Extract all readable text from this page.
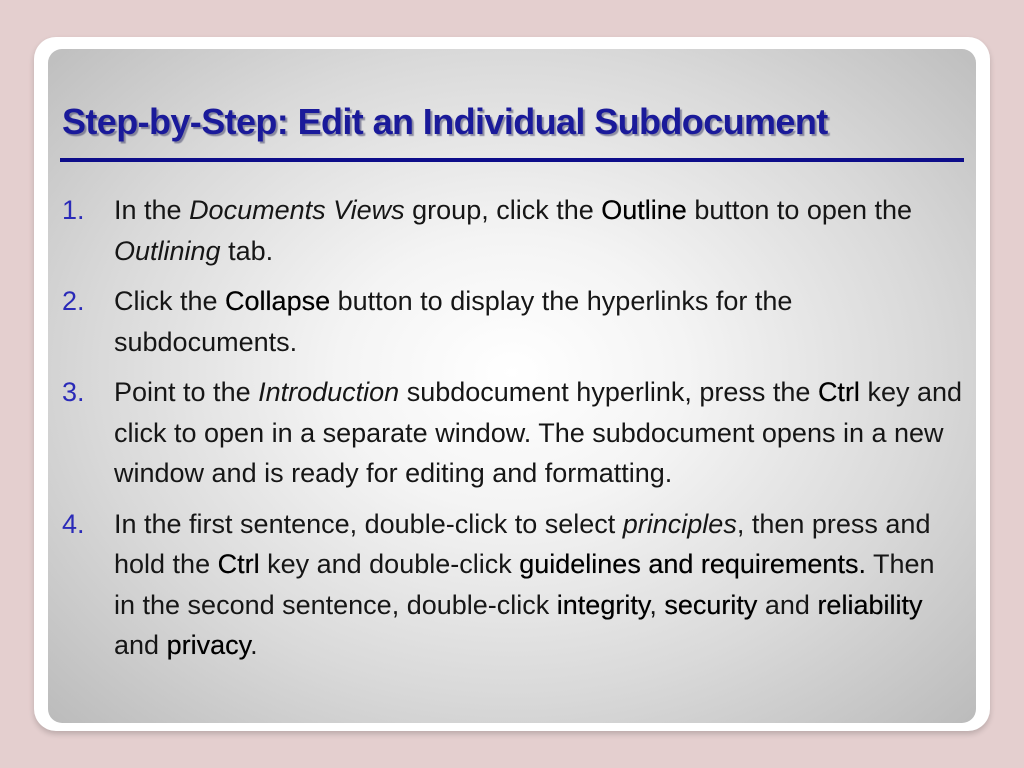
Step-by-Step: Edit an Individual Subdocument
1. In the Documents Views group, click the Outline button to open the Outlining tab.
2. Click the Collapse button to display the hyperlinks for the subdocuments.
3. Point to the Introduction subdocument hyperlink, press the Ctrl key and click to open in a separate window. The subdocument opens in a new window and is ready for editing and formatting.
4. In the first sentence, double-click to select principles, then press and hold the Ctrl key and double-click guidelines and requirements. Then in the second sentence, double-click integrity, security and reliability and privacy.
